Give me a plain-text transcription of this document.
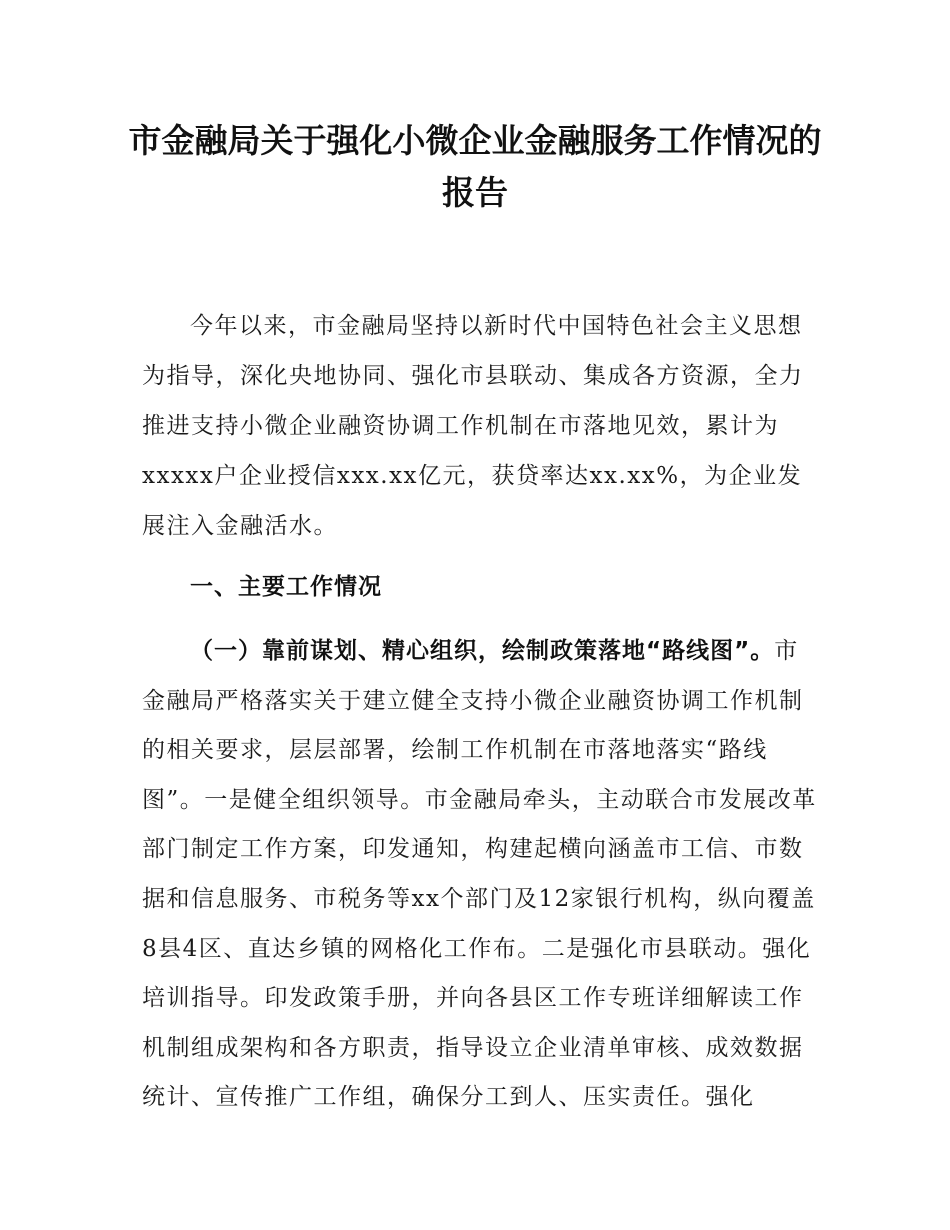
市金融局关于强化小微企业金融服务工作情况的报告

今年以来，市金融局坚持以新时代中国特色社会主义思想为指导，深化央地协同、强化市县联动、集成各方资源，全力推进支持小微企业融资协调工作机制在市落地见效，累计为xxxxx户企业授信xxx.xx亿元，获贷率达xx.xx%，为企业发展注入金融活水。

一、主要工作情况

（一）靠前谋划、精心组织，绘制政策落地“路线图”。市金融局严格落实关于建立健全支持小微企业融资协调工作机制的相关要求，层层部署，绘制工作机制在市落地落实“路线图”。一是健全组织领导。市金融局牵头，主动联合市发展改革部门制定工作方案，印发通知，构建起横向涵盖市工信、市数据和信息服务、市税务等xx个部门及12家银行机构，纵向覆盖8县4区、直达乡镇的网格化工作布。二是强化市县联动。强化培训指导。印发政策手册，并向各县区工作专班详细解读工作机制组成架构和各方职责，指导设立企业清单审核、成效数据统计、宣传推广工作组，确保分工到人、压实责任。强化
